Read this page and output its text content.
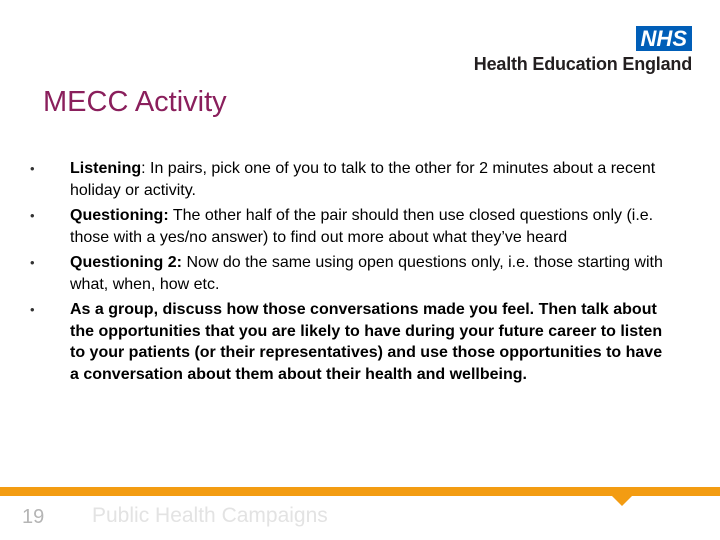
NHS
Health Education England
MECC Activity
• Listening: In pairs, pick one of you to talk to the other for 2 minutes about a recent holiday or activity.
• Questioning: The other half of the pair should then use closed questions only (i.e. those with a yes/no answer) to find out more about what they’ve heard
• Questioning 2: Now do the same using open questions only, i.e. those starting with what, when, how etc.
• As a group, discuss how those conversations made you feel. Then talk about the opportunities that you are likely to have during your future career to listen to your patients (or their representatives) and use those opportunities to have a conversation about them about their health and wellbeing.
19 Public Health Campaigns
